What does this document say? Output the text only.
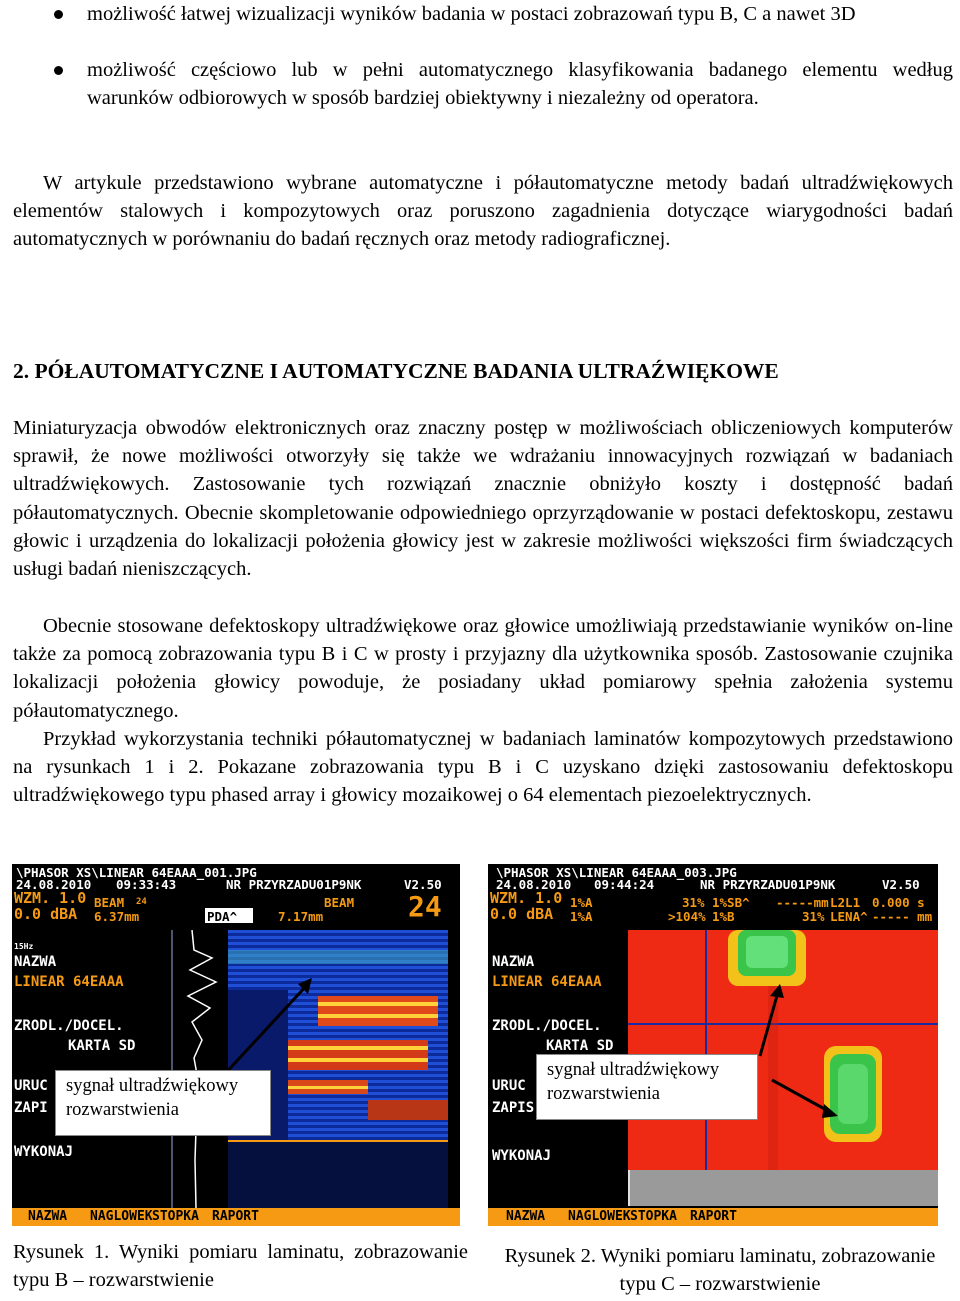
możliwość łatwej wizualizacji wyników badania w postaci zobrazowań typu B, C a nawet 3D

możliwość częściowo lub w pełni automatycznego klasyfikowania badanego elementu według warunków odbiorowych w sposób bardziej obiektywny i niezależny od operatora.

W artykule przedstawiono wybrane automatyczne i półautomatyczne metody badań ultradźwiękowych elementów stalowych i kompozytowych oraz poruszono zagadnienia dotyczące wiarygodności badań automatycznych w porównaniu do badań ręcznych oraz metody radiograficznej.

2. PÓŁAUTOMATYCZNE I AUTOMATYCZNE BADANIA ULTRAŹWIĘKOWE

Miniaturyzacja obwodów elektronicznych oraz znaczny postęp w możliwościach obliczeniowych komputerów sprawił, że nowe możliwości otworzyły się także we wdrażaniu innowacyjnych rozwiązań w badaniach ultradźwiękowych. Zastosowanie tych rozwiązań znacznie obniżyło koszty i dostępność badań półautomatycznych. Obecnie skompletowanie odpowiedniego oprzyrządowanie w postaci defektoskopu, zestawu głowic i urządzenia do lokalizacji położenia głowicy jest w zakresie możliwości większości firm świadczących usługi badań nieniszczących.

Obecnie stosowane defektoskopy ultradźwiękowe oraz głowice umożliwiają przedstawianie wyników on-line także za pomocą zobrazowania typu B i C w prosty i przyjazny dla użytkownika sposób. Zastosowanie czujnika lokalizacji położenia głowicy powoduje, że posiadany układ pomiarowy spełnia założenia systemu półautomatycznego.

Przykład wykorzystania techniki półautomatycznej w badaniach laminatów kompozytowych przedstawiono na rysunkach 1 i 2. Pokazane zobrazowania typu B i C uzyskano dzięki zastosowaniu defektoskopu ultradźwiękowego typu phased array i głowicy mozaikowej o 64 elementach piezoelektrycznych.

\PHASOR XS\LINEAR 64EAAA_001.JPG
24.08.2010 09:33:43	NR PRZYRZADU01P9NK	V2.50
WZM. 1.0
0.0 dBA
BEAM 24
6.37mm	PDA^	7.17mm
BEAM 24
15Hz
NAZWA
LINEAR 64EAAA
ZRODL./DOCEL.
KARTA SD
URUC
ZAPI
WYKONAJ
NAZWA NAGLOWEK STOPKA RAPORT
sygnał ultradźwiękowy rozwarstwienia

Rysunek 1. Wyniki pomiaru laminatu, zobrazowanie typu B – rozwarstwienie

\PHASOR XS\LINEAR 64EAAA_003.JPG
24.08.2010 09:44:24	NR PRZYRZADU01P9NK	V2.50
WZM. 1.0
0.0 dBA
1%A	31% 1%SB^ -----mm L2L1 0.000 s
1%A	>104% 1%B	31% LENA^ ----- mm
NAZWA
LINEAR 64EAAA
ZRODL./DOCEL.
KARTA SD
URUC
ZAPIS
WYKONAJ
NAZWA NAGLOWEK STOPKA RAPORT
sygnał ultradźwiękowy rozwarstwienia

Rysunek 2. Wyniki pomiaru laminatu, zobrazowanie typu C – rozwarstwienie
